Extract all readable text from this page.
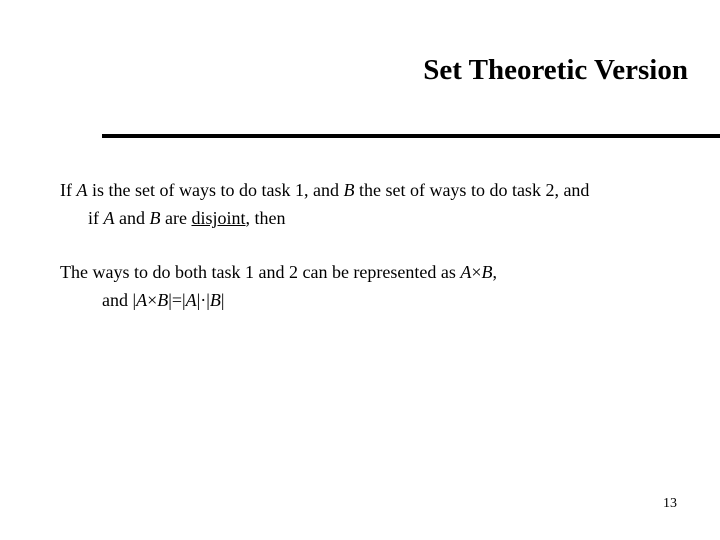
Set Theoretic Version
If A is the set of ways to do task 1, and B the set of ways to do task 2, and
if A and B are disjoint, then
The ways to do both task 1 and 2 can be represented as A×B,
and |A×B|=|A|·|B|
13
